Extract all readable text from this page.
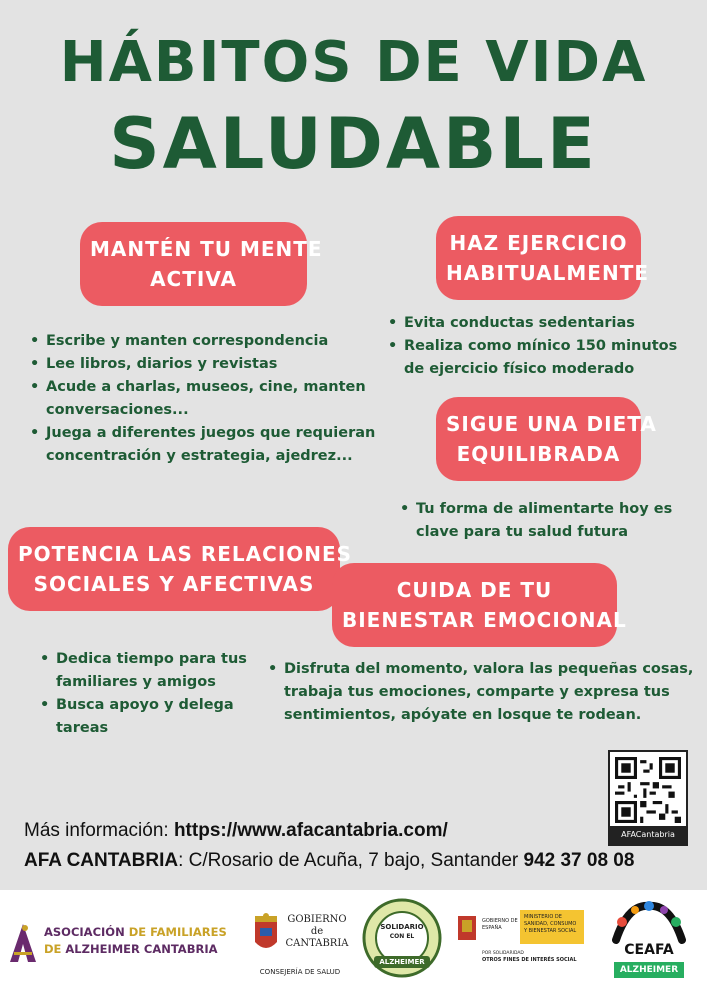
HÁBITOS DE VIDA
SALUDABLE
MANTÉN TU MENTE
ACTIVA
• Escribe y manten correspondencia
• Lee libros, diarios y revistas
• Acude a charlas, museos, cine, manten conversaciones...
• Juega a diferentes juegos que requieran concentración y estrategia, ajedrez...
HAZ EJERCICIO
HABITUALMENTE
• Evita conductas sedentarias
• Realiza como mínico 150 minutos de ejercicio físico moderado
SIGUE UNA DIETA
EQUILIBRADA
• Tu forma de alimentarte hoy es clave para tu salud futura
POTENCIA LAS RELACIONES
SOCIALES Y AFECTIVAS
• Dedica tiempo para tus familiares y amigos
• Busca apoyo y delega tareas
CUIDA DE TU
BIENESTAR EMOCIONAL
• Disfruta del momento, valora las pequeñas cosas, trabaja tus emociones, comparte y expresa tus sentimientos, apóyate en losque te rodean.
AFACantabria
Más información: https://www.afacantabria.com/
AFA CANTABRIA: C/Rosario de Acuña, 7 bajo, Santander 942 37 08 08
ASOCIACIÓN DE FAMILIARES
DE ALZHEIMER CANTABRIA
GOBIERNO
de
CANTABRIA
CONSEJERÍA DE SALUD
SOLIDARIO
CON EL
ALZHEIMER
GOBIERNO DE ESPAÑA
MINISTERIO DE SANIDAD, CONSUMO Y BIENESTAR SOCIAL
POR SOLIDARIDAD
OTROS FINES DE INTERÉS SOCIAL
CEAFA
ALZHEIMER
